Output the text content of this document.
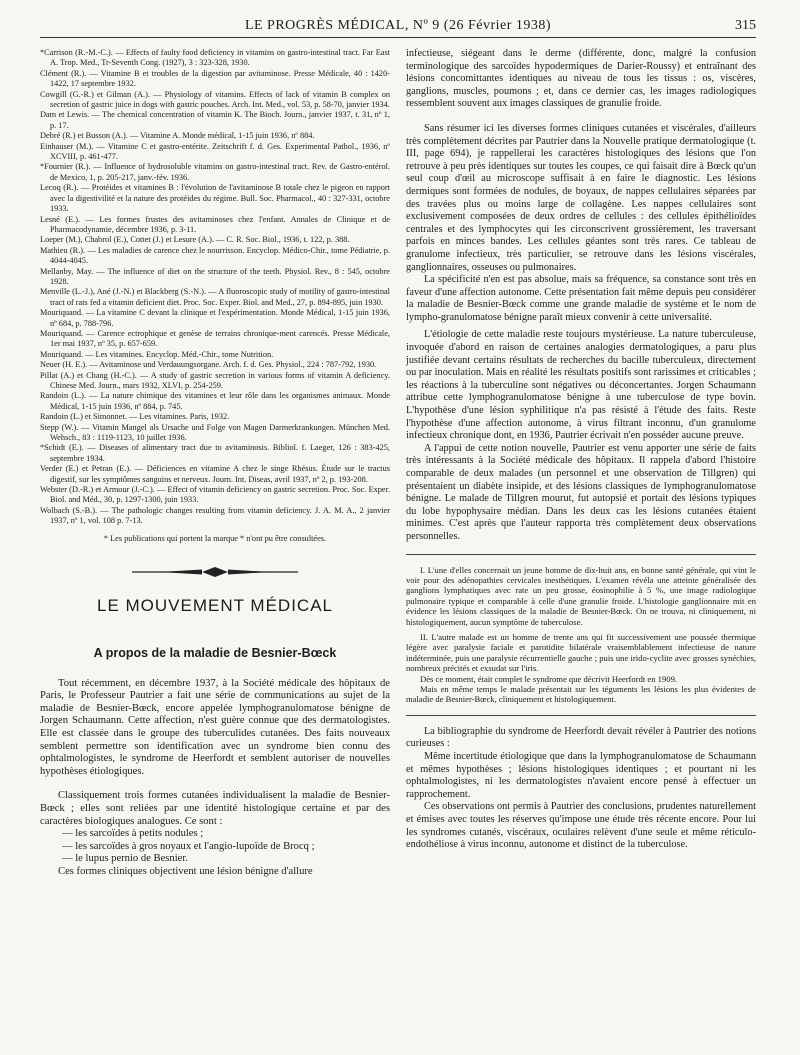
LE PROGRÈS MÉDICAL, Nº 9 (26 Février 1938)	315

*Carrison (R.-M.-C.). — Effects of faulty food deficiency in vitamins on gastro-intestinal tract. Far East A. Trop. Med., Tr-Seventh Cong. (1927), 3 : 323-328, 1930.

Clément (R.). — Vitamine B et troubles de la digestion par avitaminose. Presse Médicale, 40 : 1420-1422, 17 septembre 1932.

Cowgill (G.-R.) et Gilman (A.). — Physiology of vitamins. Effects of lack of vitamin B complex on secretion of gastric juice in dogs with gastric pouches. Arch. Int. Med., vol. 53, p. 58-70, janvier 1934.

Dam et Lewis. — The chemical concentration of vitamin K. The Bioch. Journ., janvier 1937, t. 31, nº 1, p. 17.

Debré (R.) et Busson (A.). — Vitamine A. Monde médical, 1-15 juin 1936, nº 884.

Einhauser (M.). — Vitamine C et gastro-entérite. Zeitschrift f. d. Ges. Experimental Pathol., 1936, nº XCVIII, p. 461-477.

*Fournier (R.). — Influence of hydrosoluble vitamins on gastro-intestinal tract. Rev. de Gastro-entérol. de Mexico, 1, p. 205-217, janv.-fév. 1936.

Lecoq (R.). — Protéides et vitamines B : l'évolution de l'avitaminose B totale chez le pigeon en rapport avec la digestivilité et la nature des protéides du régime. Bull. Soc. Pharmacol., 40 : 327-331, octobre 1933.

Lesné (E.). — Les formes frustes des avitaminoses chez l'enfant. Annales de Clinique et de Pharmacodynamie, décembre 1936, p. 3-11.

Loeper (M.), Chabrol (E.), Cottet (J.) et Lesure (A.). — C. R. Soc. Biol., 1936, t. 122, p. 388.

Mathieu (R.). — Les maladies de carence chez le nourrisson. Encyclop. Médico-Chir., tome Pédiatrie, p. 4044-4045.

Mellanby, May. — The influence of diet on the structure of the teeth. Physiol. Rev., 8 : 545, octobre 1928.

Menville (L.-J.), Ané (J.-N.) et Blackberg (S.-N.). — A fluoroscopic study of motility of gastro-intestinal tract of rats fed a vitamin deficient diet. Proc. Soc. Exper. Biol. and Med., 27, p. 894-895, juin 1930.

Mouriquand. — La vitamine C devant la clinique et l'expérimentation. Monde Médical, 1-15 juin 1936, nº 684, p. 788-796.

Mouriquand. — Carence ectrophique et genèse de terrains chronique-ment carencés. Presse Médicale, 1er mai 1937, nº 35, p. 657-659.

Mouriquand. — Les vitamines. Encyclop. Méd.-Chir., tome Nutrition.

Neuer (H. E.). — Avitaminose und Verdauungsorgane. Arch. f. d. Ges. Physiol., 224 : 787-792, 1930.

Pillat (A.) et Chang (H.-C.). — A study of gastric secretion in various forms of vitamin A deficiency. Chinese Med. Journ., mars 1932, XLVI, p. 254-259.

Randoin (L.). — La nature chimique des vitamines et leur rôle dans les organismes animaux. Monde Médical, 1-15 juin 1936, nº 884, p. 745.

Randoin (L.) et Simonnet. — Les vitamines. Paris, 1932.

Stepp (W.). — Vitamin Mangel als Ursache und Folge von Magen Darmerkrankungen. München Med. Wehsch., 83 : 1119-1123, 10 juillet 1936.

*Schidt (E.). — Diseases of alimentary tract due to avitaminosis. Bibliol. f. Laeger, 126 : 383-425, septembre 1934.

Verder (E.) et Petran (E.). — Déficiences en vitamine A chez le singe Rhésus. Étude sur le tractus digestif, sur les symptômes sanguins et nerveux. Journ. Int. Diseas, avril 1937, nº 2, p. 193-208.

Webster (D.-R.) et Armour (J.-C.). — Effect of vitamin deficiency on gastric secretion. Proc. Soc. Exper. Biol. and Méd., 30, p. 1297-1300, juin 1933.

Wolbach (S.-B.). — The pathologic changes resulting from vitamin deficiency. J. A. M. A., 2 janvier 1937, nº 1, vol. 108 p. 7-13.

* Les publications qui portent la marque * n'ont pu être consultées.

LE MOUVEMENT MÉDICAL
A propos de la maladie de Besnier-Bœck

Tout récemment, en décembre 1937, à la Société médicale des hôpitaux de Paris, le Professeur Pautrier a fait une série de communications au sujet de la maladie de Besnier-Bœck, encore appelée lymphogranulomatose bénigne de Jorgen Schaumann. Cette affection, n'est guère connue que des dermatologistes. Elle est classée dans le groupe des tuberculides cutanées. Des faits nouveaux semblent permettre son identification avec un syndrome bien connu des ophtalmologistes, le syndrome de Heerfordt et semblent autoriser de nouvelles hypothèses étiologiques.

Classiquement trois formes cutanées individualisent la maladie de Besnier-Bœck ; elles sont reliées par une identité histologique certaine et par des caractères biologiques analogues. Ce sont :

— les sarcoïdes à petits nodules ;
— les sarcoïdes à gros noyaux et l'angio-lupoïde de Brocq ;
— le lupus pernio de Besnier.

Ces formes cliniques objectivent une lésion bénigne d'allure

infectieuse, siégeant dans le derme (différente, donc, malgré la confusion terminologique des sarcoïdes hypodermiques de Darier-Roussy) et entraînant des lésions concomittantes identiques au niveau de tous les tissus : os, viscères, ganglions, muscles, poumons ; et, dans ce dernier cas, les images radiologiques ressemblent souvent aux images classiques de granulie froide.

Sans résumer ici les diverses formes cliniques cutanées et viscérales, d'ailleurs très complètement décrites par Pautrier dans la Nouvelle pratique dermatologique (t. III, page 694), je rappellerai les caractères histologiques des lésions que l'on retrouve à peu près identiques sur toutes les coupes, ce qui faisait dire à Bœck qu'un seul coup d'œil au microscope suffisait à en faire le diagnostic. Les lésions dermiques sont formées de nodules, de boyaux, de nappes cellulaires séparées par des travées plus ou moins large de collagène. Les nappes cellulaires sont exclusivement composées de deux ordres de cellules : des cellules épithélioïdes centrales et des lymphocytes qui les circonscrivent grossièrement, les traversant parfois en minces bandes. Les cellules géantes sont très rares. Ce tableau de granulome infectieux, très particulier, se retrouve dans les lésions viscérales, ganglionnaires, osseuses ou pulmonaires.

La spécificité n'en est pas absolue, mais sa fréquence, sa constance sont très en faveur d'une affection autonome. Cette présentation fait même depuis peu considérer la maladie de Besnier-Bœck comme une grande maladie de système et le nom de lympho-granulomatose bénigne paraît mieux convenir à cette universalité.

L'étiologie de cette maladie reste toujours mystérieuse. La nature tuberculeuse, invoquée d'abord en raison de certaines analogies dermatologiques, a paru plus justifiée devant certains résultats de recherches du bacille tuberculeux, directement ou par inoculation. Mais en réalité les résultats positifs sont rarissimes et criticables ; les réactions à la tuberculine sont négatives ou déconcertantes. Jorgen Schaumann attribue cette lymphogranulomatose bénigne à une tuberculose de type bovin. L'hypothèse d'une lésion syphilitique n'a pas résisté à l'étude des faits. Reste l'hypothèse d'une affection autonome, à virus filtrant inconnu, d'un granulome infectieux chronique dont, en 1936, Pautrier écrivait n'en posséder aucune preuve.

A l'appui de cette notion nouvelle, Pautrier est venu apporter une série de faits très intéressants à la Société médicale des hôpitaux. Il rappela d'abord l'histoire comparable de deux malades (un personnel et une observation de Tillgren) qui présentaient un diabète insipide, et des lésions classiques de lymphogranulomatose bénigne. Le malade de Tillgren mourut, fut autopsié et portait des lésions typiques du lobe hypophysaire médian. Dans les deux cas les lésions cutanées étaient minimes. C'est après que l'auteur rapporta très complètement deux observations personnelles.

I. L'une d'elles concernait un jeune homme de dix-huit ans, en bonne santé générale, qui vint le voir pour des adénopathies cervicales inesthétiques. L'examen révéla une atteinte généralisée des ganglions lymphatiques avec rate un peu grosse, éosinophilie à 5 %, une image radiologique pulmonaire typique et comparable à celle d'une granulie froide. L'histologie ganglionnaire mit en évidence les lésions classiques de la maladie de Besnier-Bœck. On ne trouva, ni cliniquement, ni histologiquement, aucun symptôme de tuberculose.

II. L'autre malade est un homme de trente ans qui fit successivement une poussée thermique légère avec paralysie faciale et parotidite bilatérale vraisemblablement infectieuse de nature indéterminée, puis une paralysie récurrentielle gauche ; puis une irido-cyclite avec grosses synéchies, nombreux précités et exsudat sur l'iris.

Dès ce moment, était complet le syndrome que décrivit Heerfordt en 1909.

Mais en même temps le malade présentait sur les téguments les lésions les plus évidentes de maladie de Besnier-Bœck, cliniquement et histologiquement.

La bibliographie du syndrome de Heerfordt devait révéler à Pautrier des notions curieuses :

Même incertitude étiologique que dans la lymphogranulomatose de Schaumann et mêmes hypothèses ; lésions histologiques identiques ; et pourtant ni les ophtalmologistes, ni les dermatologistes n'avaient encore pensé à effectuer un rapprochement.

Ces observations ont permis à Pautrier des conclusions, prudentes naturellement et émises avec toutes les réserves qu'impose une étude très récente encore. Pour lui les syndromes cutanés, viscéraux, oculaires relèvent d'une seule et même réticulo-endothéliose à virus inconnu, autonome et distinct de la tuberculose.
